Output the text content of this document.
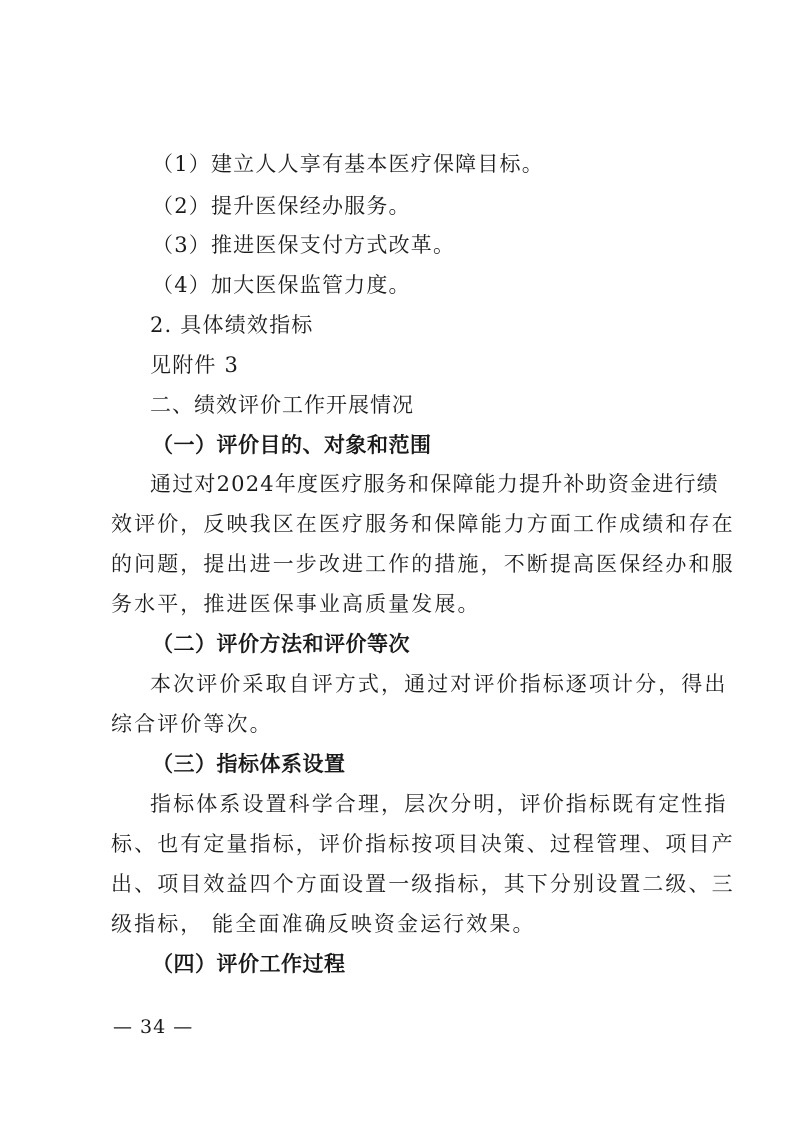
（1）建立人人享有基本医疗保障目标。
（2）提升医保经办服务。
（3）推进医保支付方式改革。
（4）加大医保监管力度。
2. 具体绩效指标
见附件 3
二、绩效评价工作开展情况
（一）评价目的、对象和范围
通过对2024年度医疗服务和保障能力提升补助资金进行绩
效评价，反映我区在医疗服务和保障能力方面工作成绩和存在
的问题，提出进一步改进工作的措施，不断提高医保经办和服
务水平，推进医保事业高质量发展。
（二）评价方法和评价等次
本次评价采取自评方式，通过对评价指标逐项计分，得出
综合评价等次。
（三）指标体系设置
指标体系设置科学合理，层次分明，评价指标既有定性指
标、也有定量指标，评价指标按项目决策、过程管理、项目产
出、项目效益四个方面设置一级指标，其下分别设置二级、三
级指标， 能全面准确反映资金运行效果。
（四）评价工作过程
— 34 —
